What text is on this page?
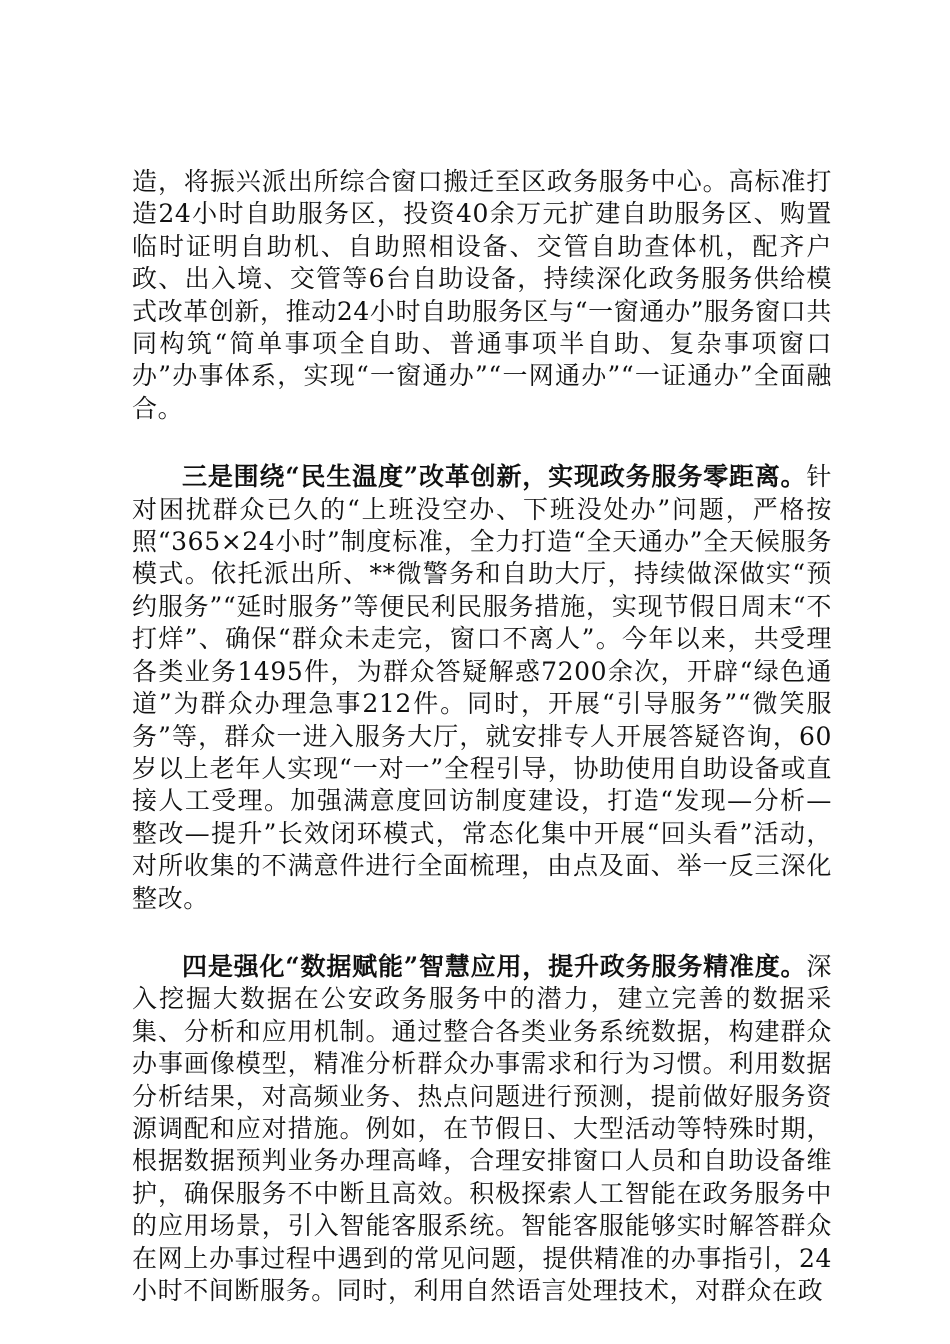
造，将振兴派出所综合窗口搬迁至区政务服务中心。高标准打造24小时自助服务区，投资40余万元扩建自助服务区、购置临时证明自助机、自助照相设备、交管自助查体机，配齐户政、出入境、交管等6台自助设备，持续深化政务服务供给模式改革创新，推动24小时自助服务区与“一窗通办”服务窗口共同构筑“简单事项全自助、普通事项半自助、复杂事项窗口办”办事体系，实现“一窗通办”“一网通办”“一证通办”全面融合。

三是围绕“民生温度”改革创新，实现政务服务零距离。针对困扰群众已久的“上班没空办、下班没处办”问题，严格按照“365×24小时”制度标准，全力打造“全天通办”全天候服务模式。依托派出所、**微警务和自助大厅，持续做深做实“预约服务”“延时服务”等便民利民服务措施，实现节假日周末“不打烊”、确保“群众未走完，窗口不离人”。今年以来，共受理各类业务1495件，为群众答疑解惑7200余次，开辟“绿色通道”为群众办理急事212件。同时，开展“引导服务”“微笑服务”等，群众一进入服务大厅，就安排专人开展答疑咨询，60岁以上老年人实现“一对一”全程引导，协助使用自助设备或直接人工受理。加强满意度回访制度建设，打造“发现—分析—整改—提升”长效闭环模式，常态化集中开展“回头看”活动，对所收集的不满意件进行全面梳理，由点及面、举一反三深化整改。

四是强化“数据赋能”智慧应用，提升政务服务精准度。深入挖掘大数据在公安政务服务中的潜力，建立完善的数据采集、分析和应用机制。通过整合各类业务系统数据，构建群众办事画像模型，精准分析群众办事需求和行为习惯。利用数据分析结果，对高频业务、热点问题进行预测，提前做好服务资源调配和应对措施。例如，在节假日、大型活动等特殊时期，根据数据预判业务办理高峰，合理安排窗口人员和自助设备维护，确保服务不中断且高效。积极探索人工智能在政务服务中的应用场景，引入智能客服系统。智能客服能够实时解答群众在网上办事过程中遇到的常见问题，提供精准的办事指引，24小时不间断服务。同时，利用自然语言处理技术，对群众在政
